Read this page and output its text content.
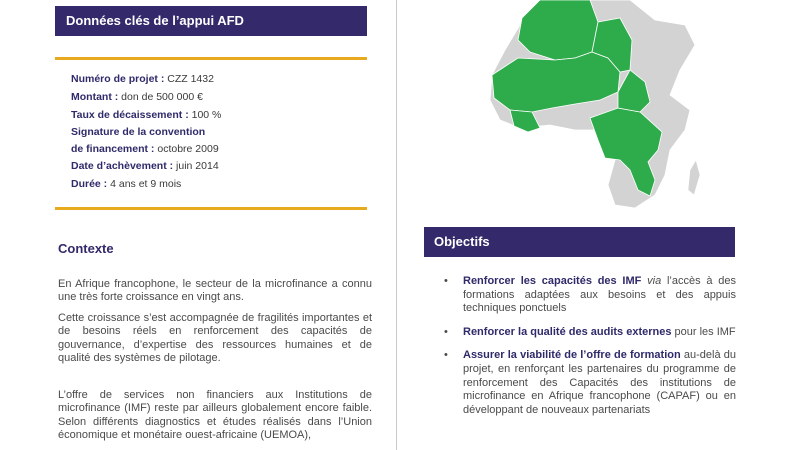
Données clés de l’appui AFD
Numéro de projet : CZZ 1432
Montant : don de 500 000 €
Taux de décaissement : 100 %
Signature de la convention
de financement : octobre 2009
Date d’achèvement : juin 2014
Durée : 4 ans et 9 mois
Contexte
En Afrique francophone, le secteur de la microfinance a connu une très forte croissance en vingt ans.
Cette croissance s’est accompagnée de fragilités importantes et de besoins réels en renforcement des capacités de gouvernance, d’expertise des ressources humaines et de qualité des systèmes de pilotage.
L’offre de services non financiers aux Institutions de microfinance (IMF) reste par ailleurs globalement encore faible. Selon différents diagnostics et études réalisés dans l’Union économique et monétaire ouest-africaine (UEMOA),
Objectifs
• Renforcer les capacités des IMF via l’accès à des formations adaptées aux besoins et des appuis techniques ponctuels
• Renforcer la qualité des audits externes pour les IMF
• Assurer la viabilité de l’offre de formation au-delà du projet, en renforçant les partenaires du programme de renforcement des Capacités des institutions de microfinance en Afrique francophone (CAPAF) ou en développant de nouveaux partenariats
